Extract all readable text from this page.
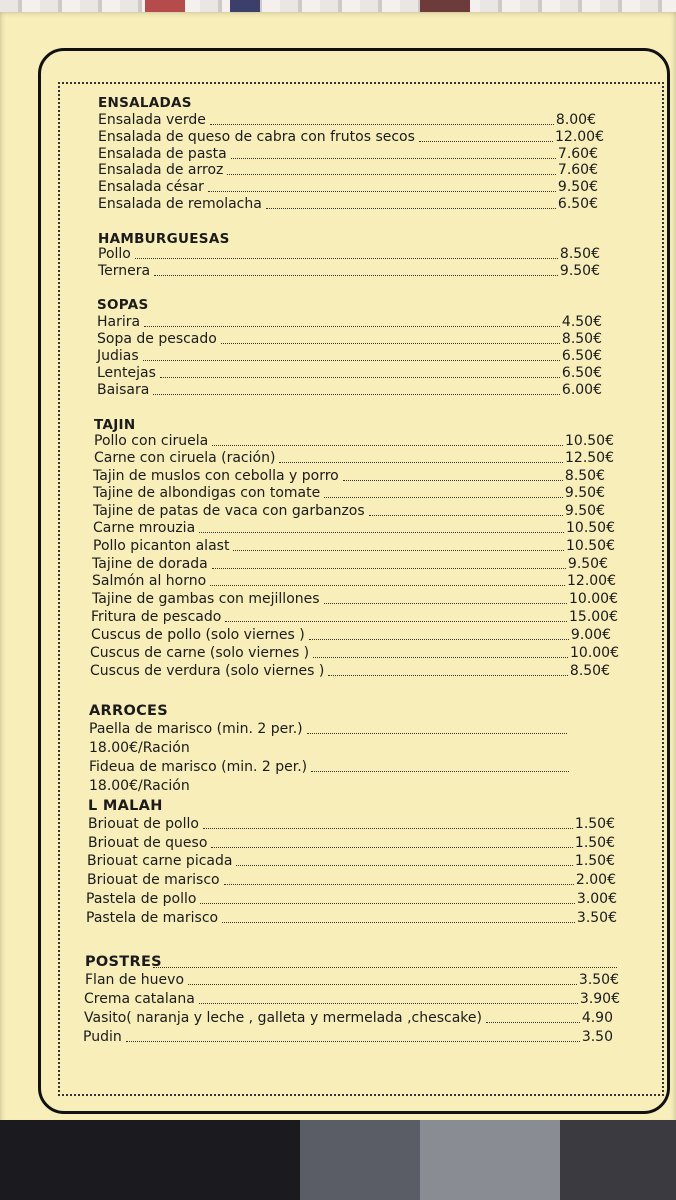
ENSALADAS
Ensalada verde	8.00€
Ensalada de queso de cabra con frutos secos	12.00€
Ensalada de pasta	7.60€
Ensalada de arroz	7.60€
Ensalada césar	9.50€
Ensalada de remolacha	6.50€
HAMBURGUESAS
Pollo	8.50€
Ternera	9.50€
SOPAS
Harira	4.50€
Sopa de pescado	8.50€
Judias	6.50€
Lentejas	6.50€
Baisara	6.00€
TAJIN
Pollo con ciruela	10.50€
Carne con ciruela (ración)	12.50€
Tajin de muslos con cebolla y porro	8.50€
Tajine de albondigas con tomate	9.50€
Tajine de patas de vaca con garbanzos	9.50€
Carne mrouzia	10.50€
Pollo picanton alast	10.50€
Tajine de dorada	9.50€
Salmón al horno	12.00€
Tajine de gambas con mejillones	10.00€
Fritura de pescado	15.00€
Cuscus de pollo (solo viernes )	9.00€
Cuscus de carne (solo viernes )	10.00€
Cuscus de verdura (solo viernes )	8.50€
ARROCES
Paella de marisco (min. 2 per.)
18.00€/Ración
Fideua de marisco (min. 2 per.)
18.00€/Ración
L MALAH
Briouat de pollo	1.50€
Briouat de queso	1.50€
Briouat carne picada	1.50€
Briouat de marisco	2.00€
Pastela de pollo	3.00€
Pastela de marisco	3.50€
POSTRES
Flan de huevo	3.50€
Crema catalana	3.90€
Vasito( naranja y leche , galleta y mermelada ,chescake)	4.90
Pudin	3.50
